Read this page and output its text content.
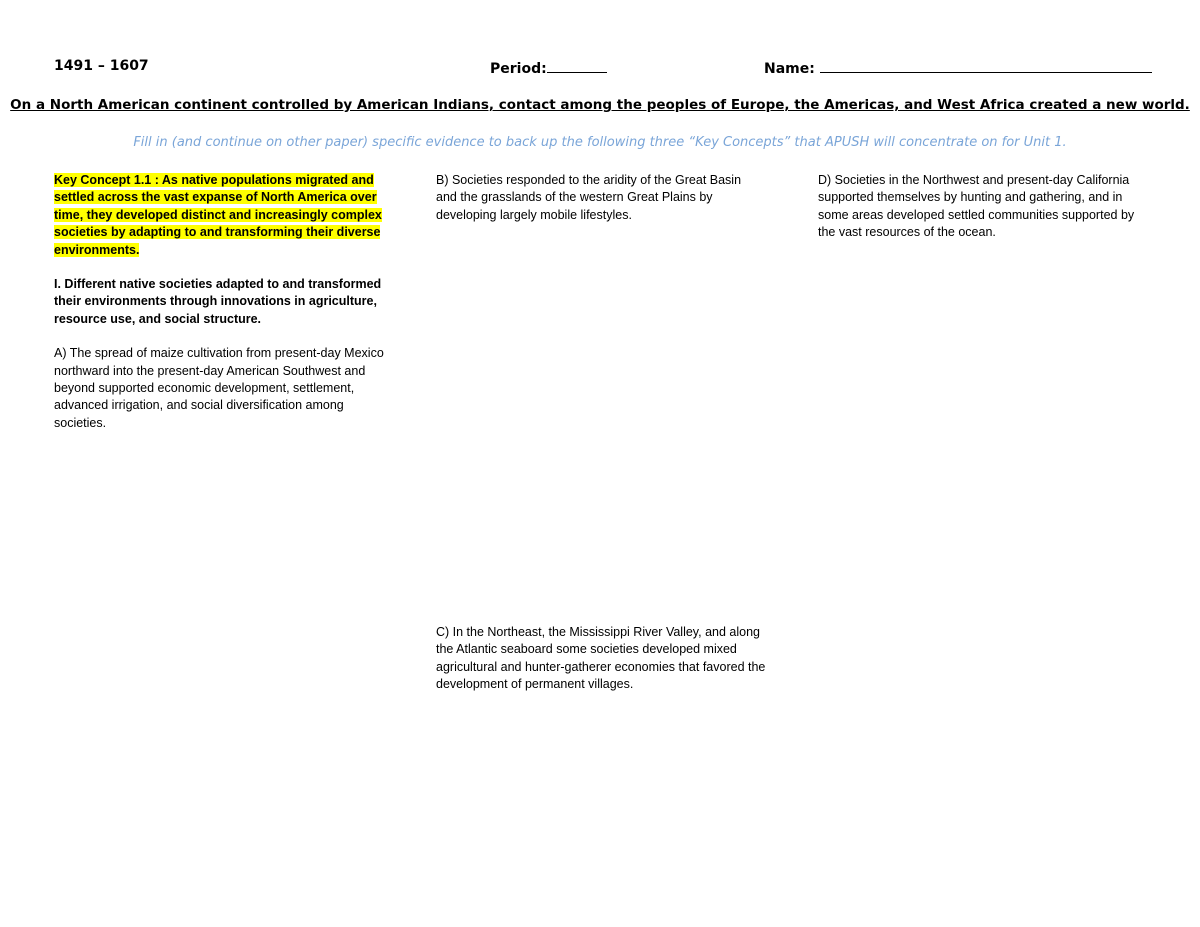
1491 – 1607	Period:	Name:
On a North American continent controlled by American Indians, contact among the peoples of Europe, the Americas, and West Africa created a new world.
Fill in (and continue on other paper) specific evidence to back up the following three “Key Concepts” that APUSH will concentrate on for Unit 1.

Key Concept 1.1 : As native populations migrated and settled across the vast expanse of North America over time, they developed distinct and increasingly complex societies by adapting to and transforming their diverse environments.

I. Different native societies adapted to and transformed their environments through innovations in agriculture, resource use, and social structure.

A) The spread of maize cultivation from present-day Mexico northward into the present-day American Southwest and beyond supported economic development, settlement, advanced irrigation, and social diversification among societies.

B) Societies responded to the aridity of the Great Basin and the grasslands of the western Great Plains by developing largely mobile lifestyles.
C) In the Northeast, the Mississippi River Valley, and along the Atlantic seaboard some societies developed mixed agricultural and hunter-gatherer economies that favored the development of permanent villages.
D) Societies in the Northwest and present-day California supported themselves by hunting and gathering, and in some areas developed settled communities supported by the vast resources of the ocean.
